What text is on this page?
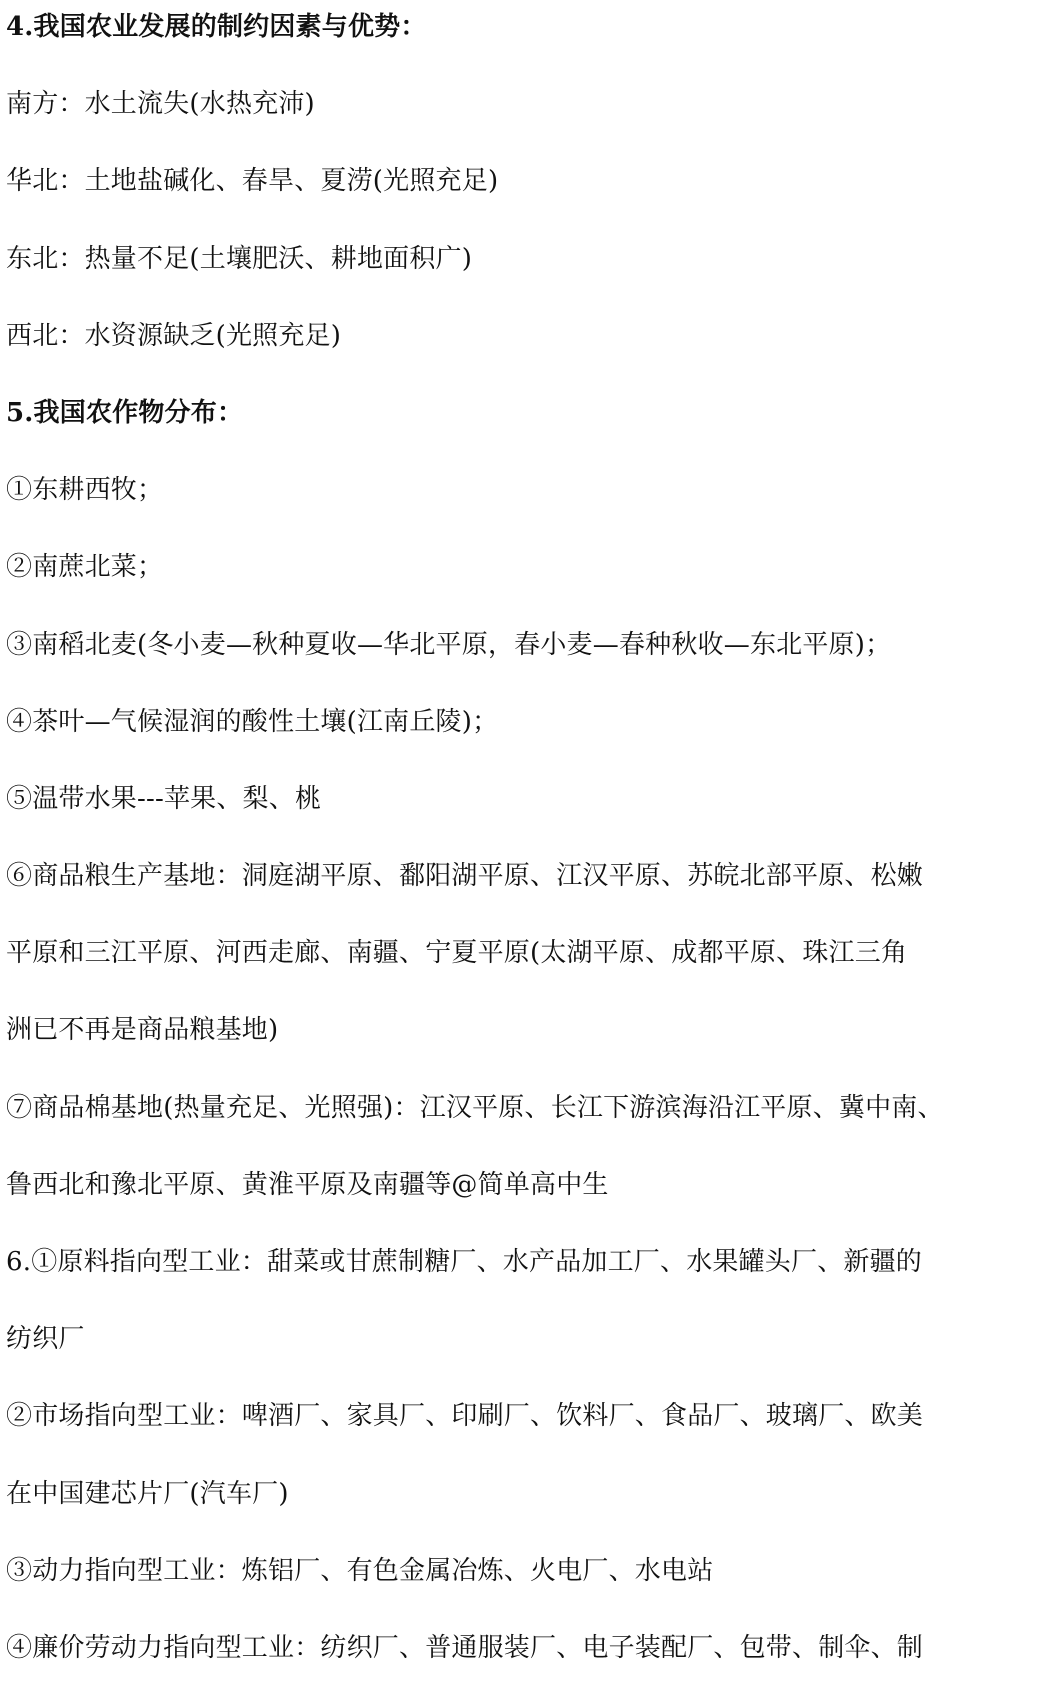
4.我国农业发展的制约因素与优势：
南方：水土流失(水热充沛)
华北：土地盐碱化、春旱、夏涝(光照充足)
东北：热量不足(土壤肥沃、耕地面积广)
西北：水资源缺乏(光照充足)
5.我国农作物分布：
①东耕西牧；
②南蔗北菜；
③南稻北麦(冬小麦—秋种夏收—华北平原，春小麦—春种秋收—东北平原)；
④茶叶—气候湿润的酸性土壤(江南丘陵)；
⑤温带水果---苹果、梨、桃
⑥商品粮生产基地：洞庭湖平原、鄱阳湖平原、江汉平原、苏皖北部平原、松嫩
平原和三江平原、河西走廊、南疆、宁夏平原(太湖平原、成都平原、珠江三角
洲已不再是商品粮基地)
⑦商品棉基地(热量充足、光照强)：江汉平原、长江下游滨海沿江平原、冀中南、
鲁西北和豫北平原、黄淮平原及南疆等@简单高中生
6.①原料指向型工业：甜菜或甘蔗制糖厂、水产品加工厂、水果罐头厂、新疆的
纺织厂
②市场指向型工业：啤酒厂、家具厂、印刷厂、饮料厂、食品厂、玻璃厂、欧美
在中国建芯片厂(汽车厂)
③动力指向型工业：炼铝厂、有色金属冶炼、火电厂、水电站
④廉价劳动力指向型工业：纺织厂、普通服装厂、电子装配厂、包带、制伞、制
